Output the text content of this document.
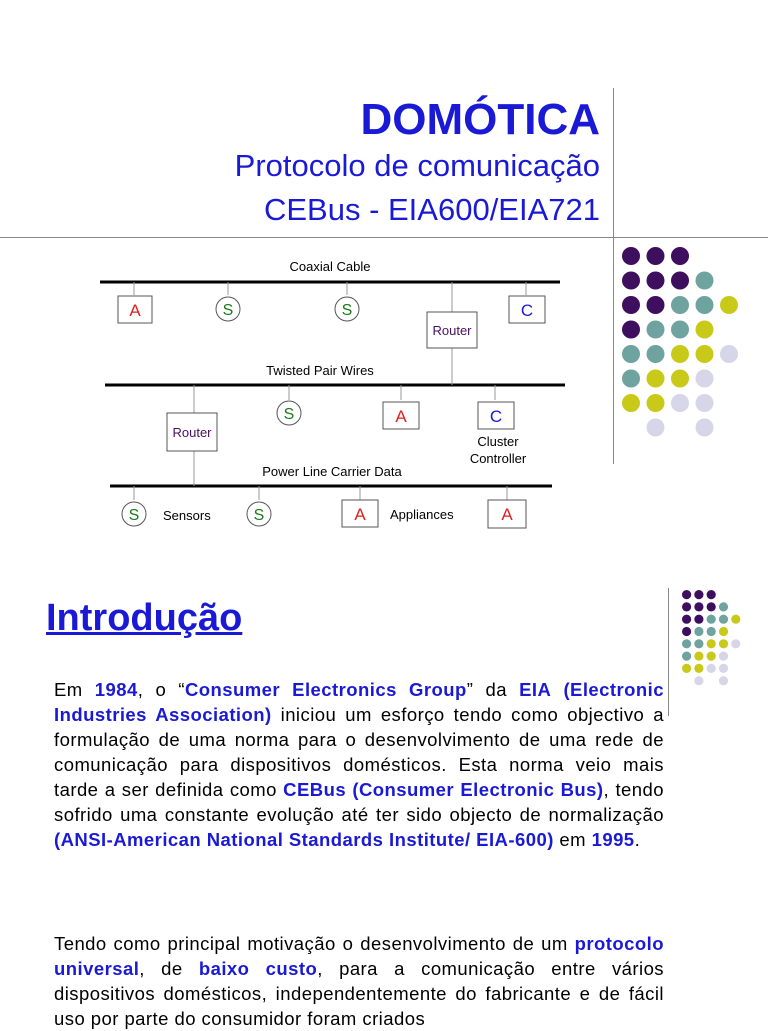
DOMÓTICA
Protocolo de comunicação
CEBus - EIA600/EIA721
Coaxial Cable
Twisted Pair Wires
Power Line Carrier Data
A	S	S	C
Router
Router
S	A	C
Cluster
Controller
S Sensors	S	A Appliances	A
Introdução
Em 1984, o “Consumer Electronics Group” da EIA (Electronic Industries Association) iniciou um esforço tendo como objectivo a formulação de uma norma para o desenvolvimento de uma rede de comunicação para dispositivos domésticos. Esta norma veio mais tarde a ser definida como CEBus (Consumer Electronic Bus), tendo sofrido uma constante evolução até ter sido objecto de normalização (ANSI-American National Standards Institute/ EIA-600) em 1995.
Tendo como principal motivação o desenvolvimento de um protocolo universal, de baixo custo, para a comunicação entre vários dispositivos domésticos, independentemente do fabricante e de fácil uso por parte do consumidor foram criados
